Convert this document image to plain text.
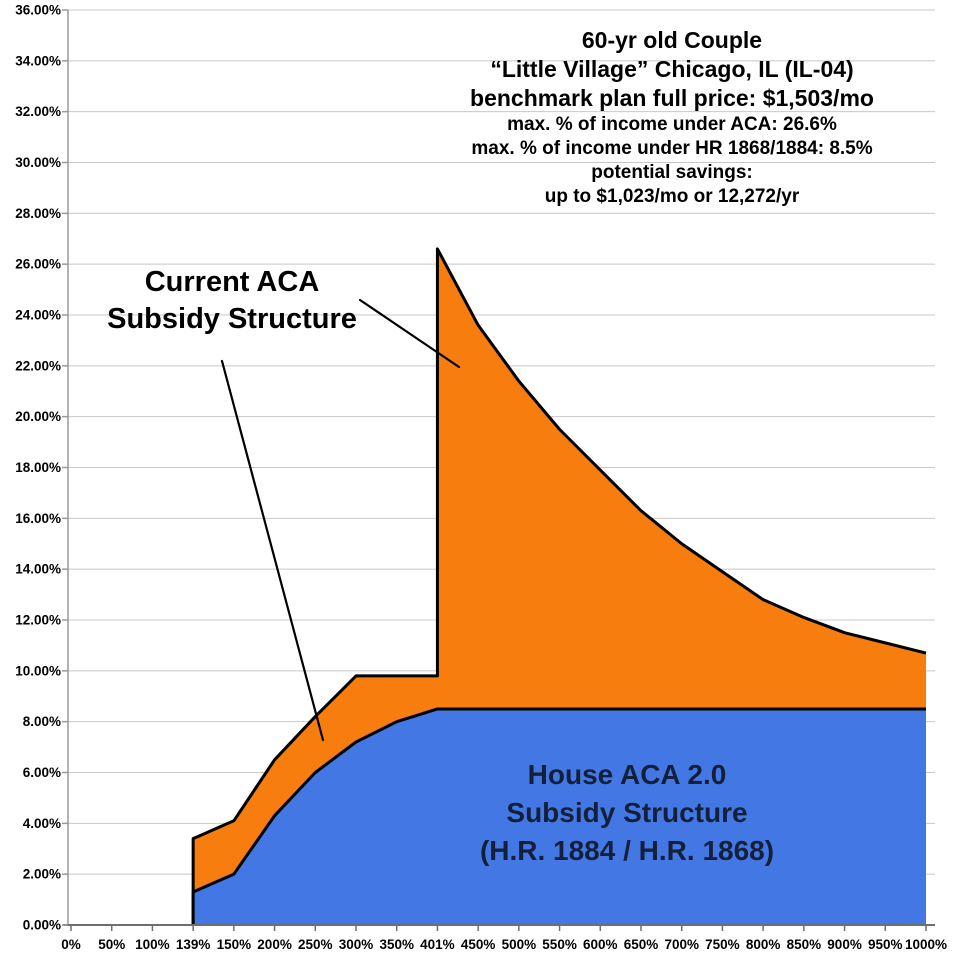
0.00%
2.00%
4.00%
6.00%
8.00%
10.00%
12.00%
14.00%
16.00%
18.00%
20.00%
22.00%
24.00%
26.00%
28.00%
30.00%
32.00%
34.00%
36.00%
0% 50% 100% 139% 150% 200% 250% 300% 350% 401% 450% 500% 550% 600% 650% 700% 750% 800% 850% 900% 950% 1000%
60-yr old Couple
“Little Village” Chicago, IL (IL-04)
benchmark plan full price: $1,503/mo
max. % of income under ACA: 26.6%
max. % of income under HR 1868/1884: 8.5%
potential savings:
up to $1,023/mo or 12,272/yr
Current ACA
Subsidy Structure
House ACA 2.0
Subsidy Structure
(H.R. 1884 / H.R. 1868)
